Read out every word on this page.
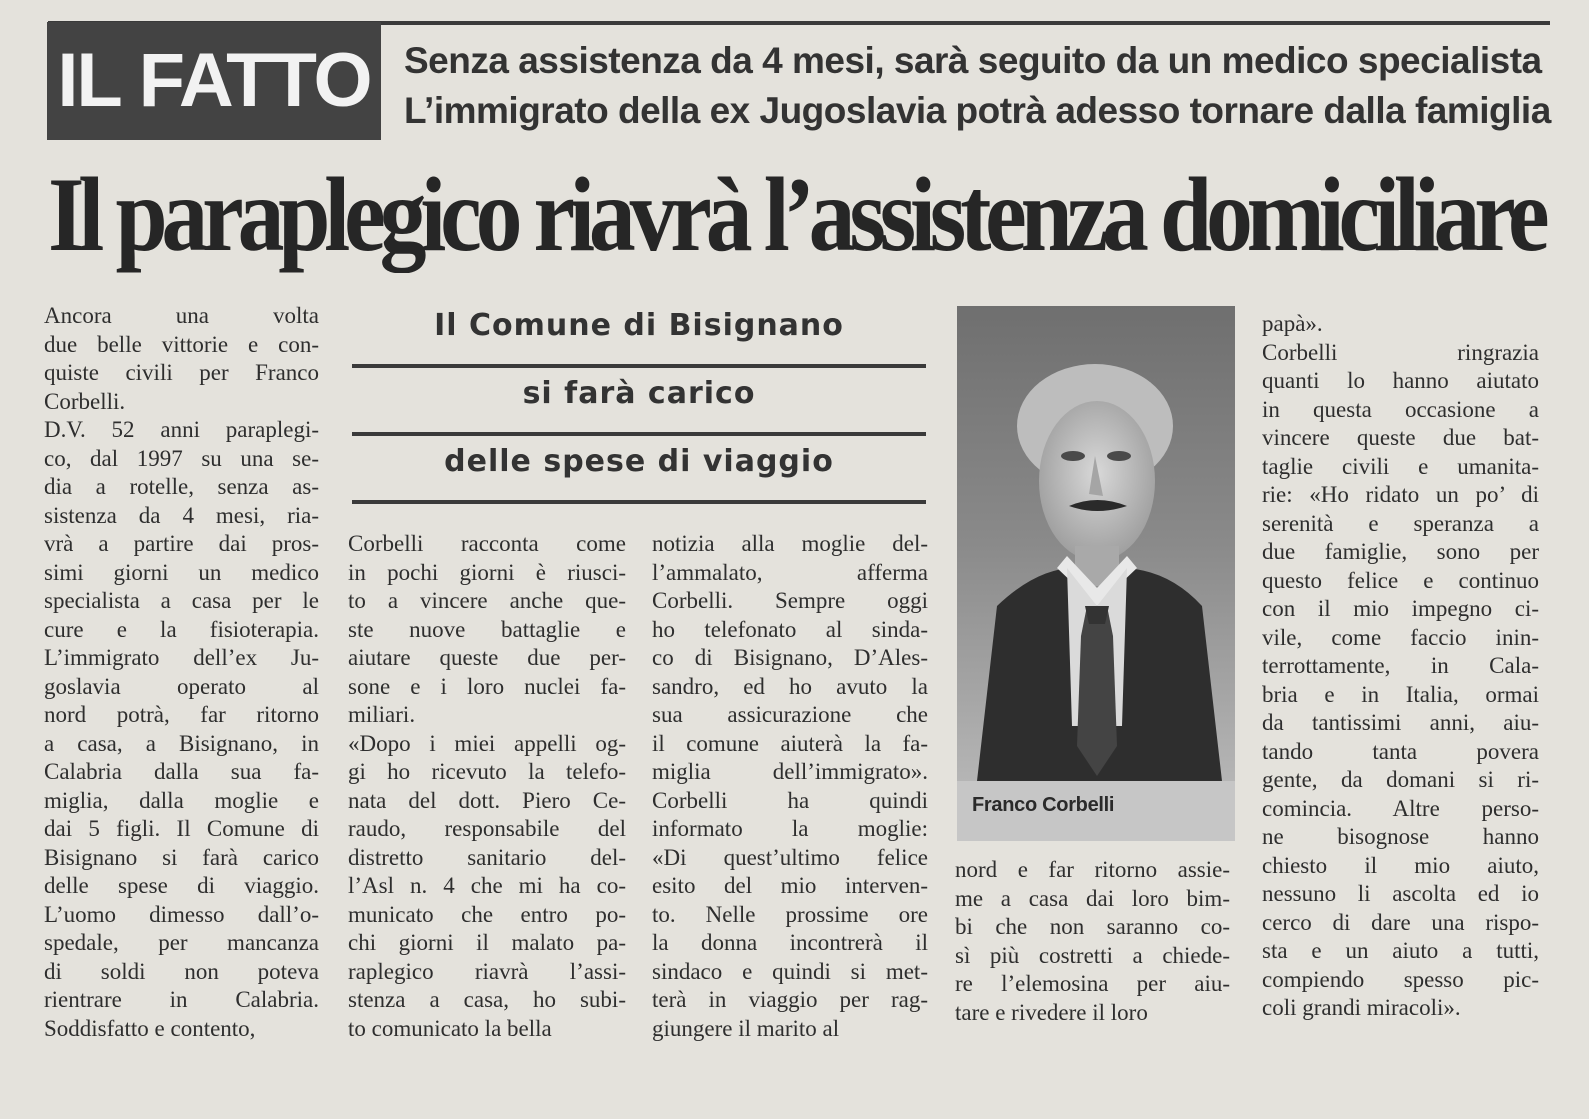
IL FATTO Senza assistenza da 4 mesi, sarà seguito da un medico specialista
L’immigrato della ex Jugoslavia potrà adesso tornare dalla famiglia
Il paraplegico riavrà l’assistenza domiciliare
Ancora una volta
due belle vittorie e con-
quiste civili per Franco
Corbelli.
D.V. 52 anni paraplegi-
co, dal 1997 su una se-
dia a rotelle, senza as-
sistenza da 4 mesi, ria-
vrà a partire dai pros-
simi giorni un medico
specialista a casa per le
cure e la fisioterapia.
L’immigrato dell’ex Ju-
goslavia operato al
nord potrà, far ritorno
a casa, a Bisignano, in
Calabria dalla sua fa-
miglia, dalla moglie e
dai 5 figli. Il Comune di
Bisignano si farà carico
delle spese di viaggio.
L’uomo dimesso dall’o-
spedale, per mancanza
di soldi non poteva
rientrare in Calabria.
Soddisfatto e contento,
Il Comune di Bisignano
si farà carico
delle spese di viaggio
Corbelli racconta come
in pochi giorni è riusci-
to a vincere anche que-
ste nuove battaglie e
aiutare queste due per-
sone e i loro nuclei fa-
miliari.
«Dopo i miei appelli og-
gi ho ricevuto la telefo-
nata del dott. Piero Ce-
raudo, responsabile del
distretto sanitario del-
l’Asl n. 4 che mi ha co-
municato che entro po-
chi giorni il malato pa-
raplegico riavrà l’assi-
stenza a casa, ho subi-
to comunicato la bella
notizia alla moglie del-
l’ammalato, afferma
Corbelli. Sempre oggi
ho telefonato al sinda-
co di Bisignano, D’Ales-
sandro, ed ho avuto la
sua assicurazione che
il comune aiuterà la fa-
miglia dell’immigrato».
Corbelli ha quindi
informato la moglie:
«Di quest’ultimo felice
esito del mio interven-
to. Nelle prossime ore
la donna incontrerà il
sindaco e quindi si met-
terà in viaggio per rag-
giungere il marito al
Franco Corbelli
nord e far ritorno assie-
me a casa dai loro bim-
bi che non saranno co-
sì più costretti a chiede-
re l’elemosina per aiu-
tare e rivedere il loro
papà».
Corbelli ringrazia
quanti lo hanno aiutato
in questa occasione a
vincere queste due bat-
taglie civili e umanita-
rie: «Ho ridato un po’ di
serenità e speranza a
due famiglie, sono per
questo felice e continuo
con il mio impegno ci-
vile, come faccio inin-
terrottamente, in Cala-
bria e in Italia, ormai
da tantissimi anni, aiu-
tando tanta povera
gente, da domani si ri-
comincia. Altre perso-
ne bisognose hanno
chiesto il mio aiuto,
nessuno li ascolta ed io
cerco di dare una rispo-
sta e un aiuto a tutti,
compiendo spesso pic-
coli grandi miracoli».
